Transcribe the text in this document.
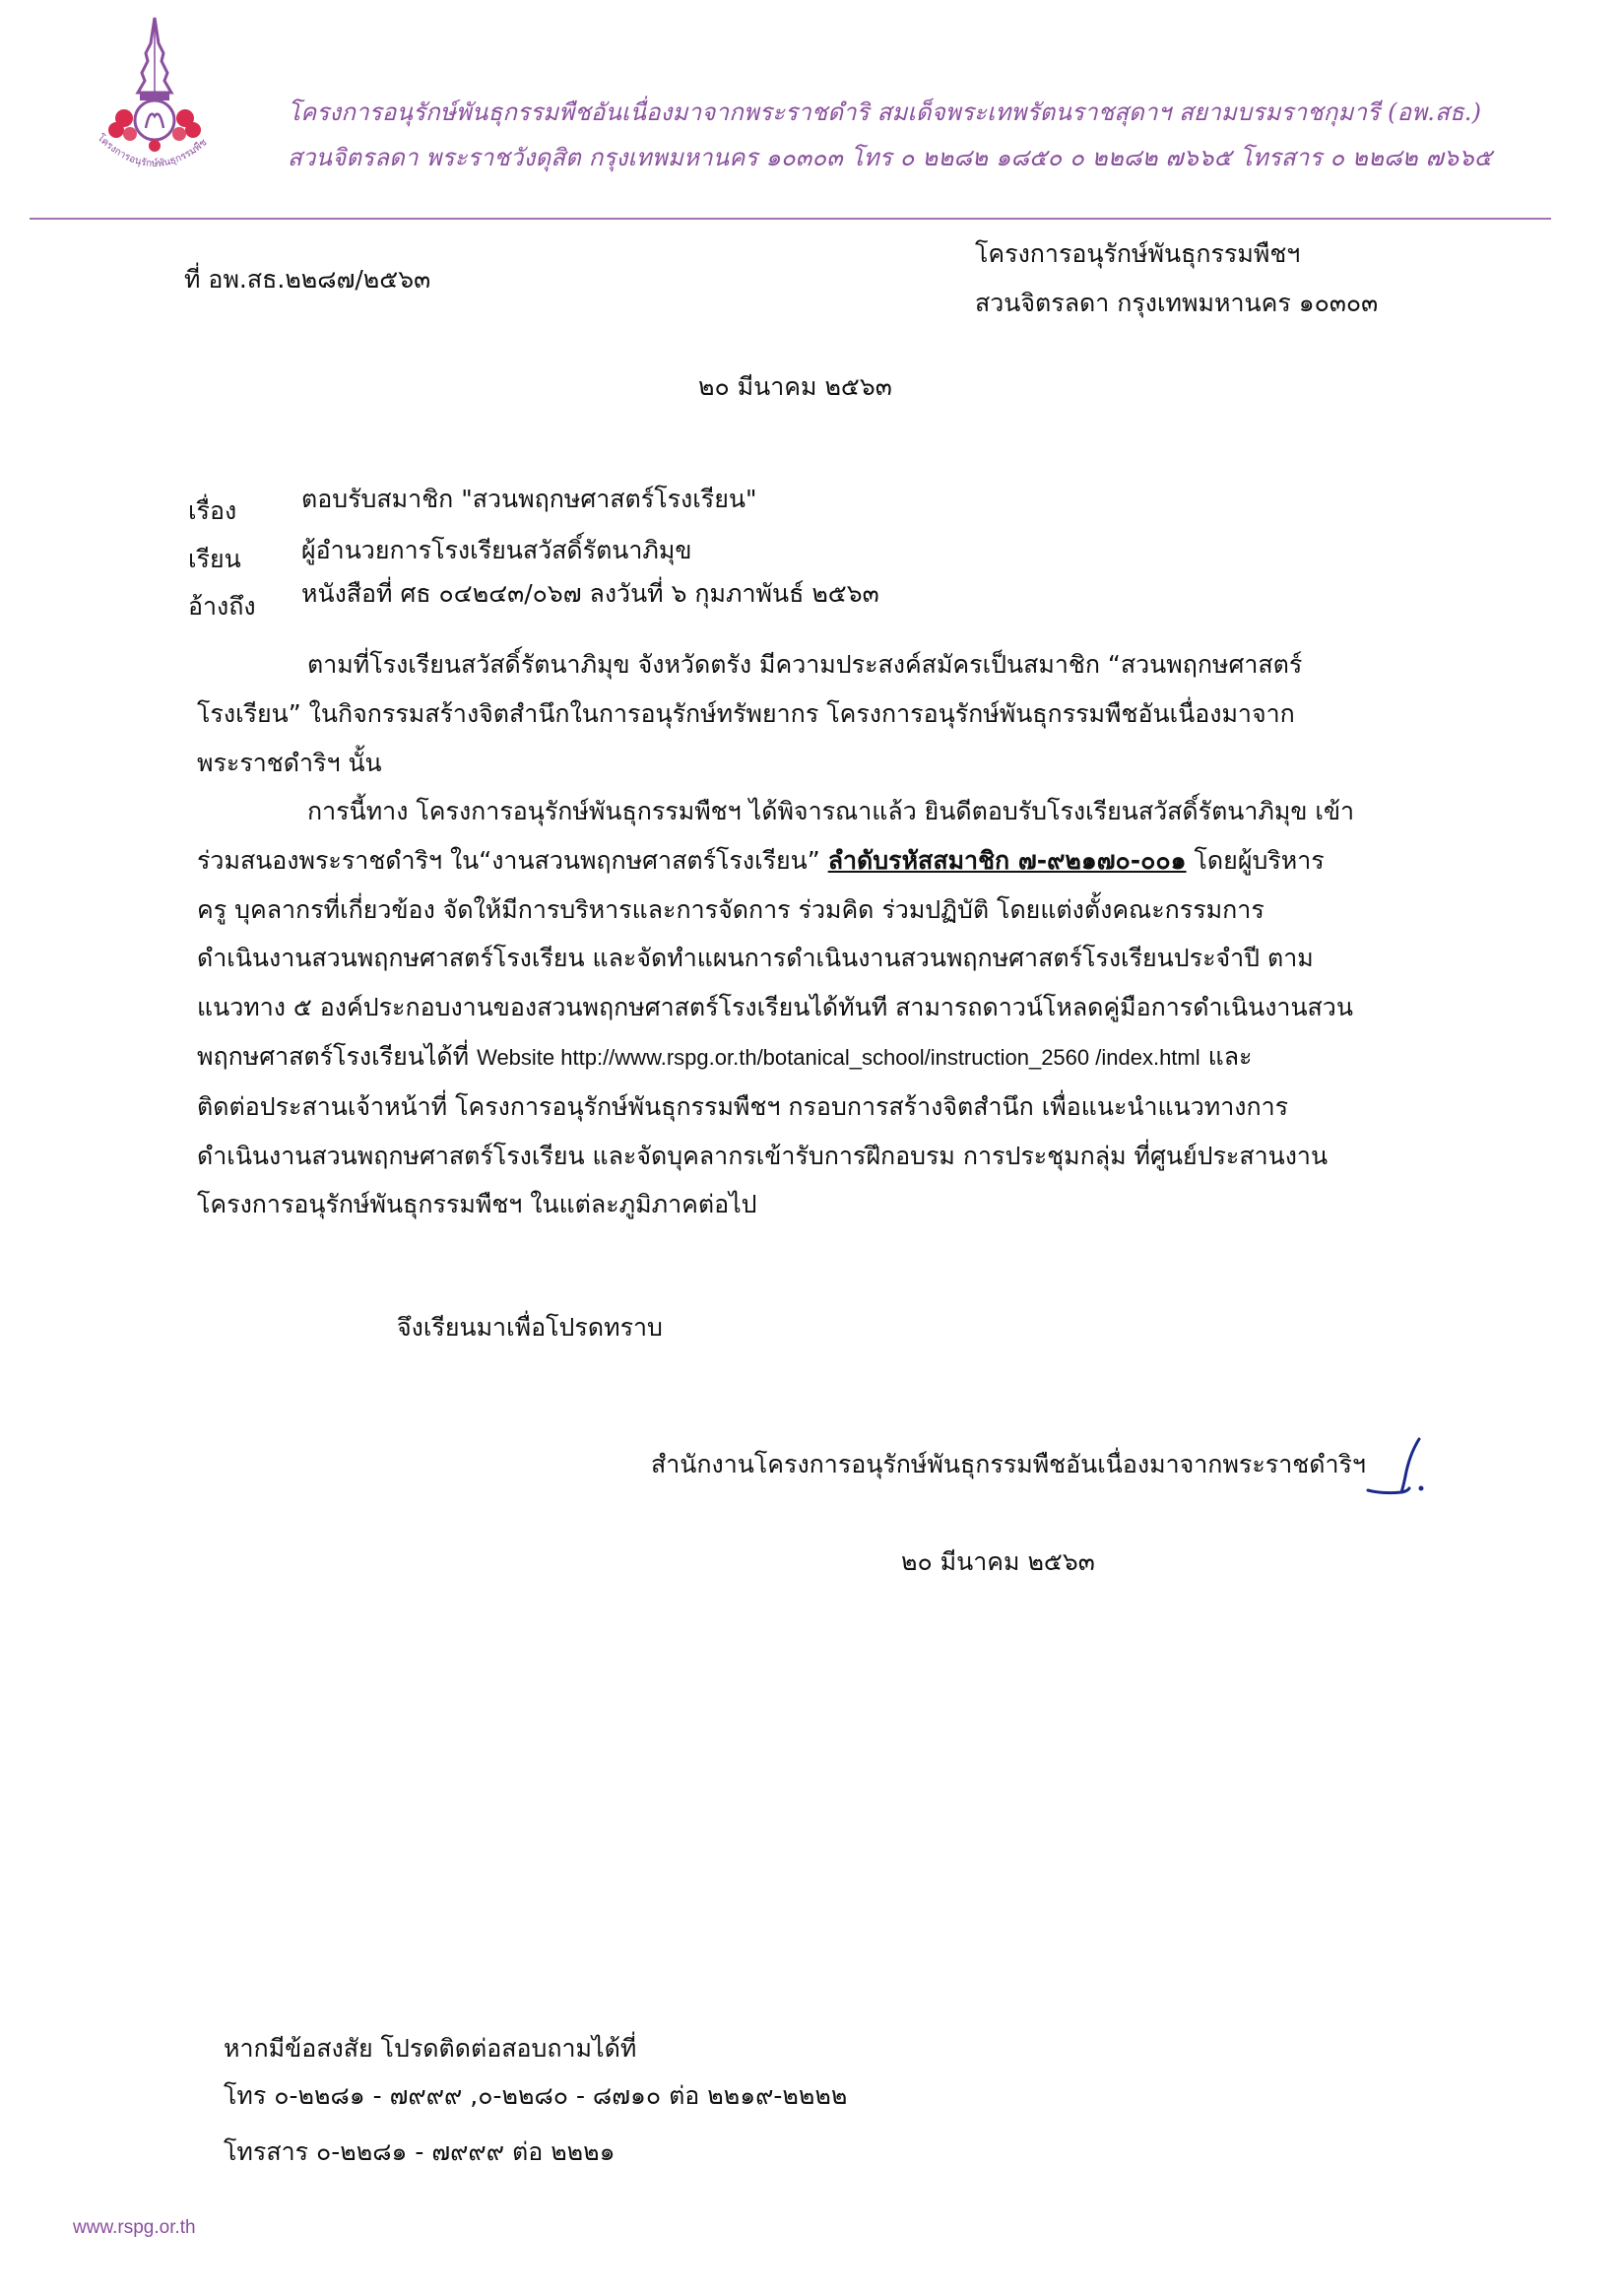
โครงการอนุรักษ์พันธุกรรมพืช
โครงการอนุรักษ์พันธุกรรมพืชอันเนื่องมาจากพระราชดำริ สมเด็จพระเทพรัตนราชสุดาฯ สยามบรมราชกุมารี (อพ.สธ.)
สวนจิตรลดา พระราชวังดุสิต กรุงเทพมหานคร ๑๐๓๐๓ โทร ๐ ๒๒๘๒ ๑๘๕๐ ๐ ๒๒๘๒ ๗๖๖๕ โทรสาร ๐ ๒๒๘๒ ๗๖๖๕
ที่ อพ.สธ.๒๒๘๗/๒๕๖๓
โครงการอนุรักษ์พันธุกรรมพืชฯ
สวนจิตรลดา กรุงเทพมหานคร ๑๐๓๐๓
๒๐ มีนาคม ๒๕๖๓
เรื่อง	ตอบรับสมาชิก "สวนพฤกษศาสตร์โรงเรียน"
เรียน ผู้อำนวยการโรงเรียนสวัสดิ์รัตนาภิมุข
อ้างถึง หนังสือที่ ศธ ๐๔๒๔๓/๐๖๗ ลงวันที่ ๖ กุมภาพันธ์ ๒๕๖๓
ตามที่โรงเรียนสวัสดิ์รัตนาภิมุข จังหวัดตรัง มีความประสงค์สมัครเป็นสมาชิก “สวนพฤกษศาสตร์
โรงเรียน” ในกิจกรรมสร้างจิตสำนึกในการอนุรักษ์ทรัพยากร โครงการอนุรักษ์พันธุกรรมพืชอันเนื่องมาจาก
พระราชดำริฯ นั้น
การนี้ทาง โครงการอนุรักษ์พันธุกรรมพืชฯ ได้พิจารณาแล้ว ยินดีตอบรับโรงเรียนสวัสดิ์รัตนาภิมุข เข้า
ร่วมสนองพระราชดำริฯ ใน“งานสวนพฤกษศาสตร์โรงเรียน” ลำดับรหัสสมาชิก ๗-๙๒๑๗๐-๐๐๑ โดยผู้บริหาร
ครู บุคลากรที่เกี่ยวข้อง จัดให้มีการบริหารและการจัดการ ร่วมคิด ร่วมปฏิบัติ โดยแต่งตั้งคณะกรรมการ
ดำเนินงานสวนพฤกษศาสตร์โรงเรียน และจัดทำแผนการดำเนินงานสวนพฤกษศาสตร์โรงเรียนประจำปี ตาม
แนวทาง ๕ องค์ประกอบงานของสวนพฤกษศาสตร์โรงเรียนได้ทันที สามารถดาวน์โหลดคู่มือการดำเนินงานสวน
พฤกษศาสตร์โรงเรียนได้ที่ Website http://www.rspg.or.th/botanical_school/instruction_2560 /index.html และ
ติดต่อประสานเจ้าหน้าที่ โครงการอนุรักษ์พันธุกรรมพืชฯ กรอบการสร้างจิตสำนึก เพื่อแนะนำแนวทางการ
ดำเนินงานสวนพฤกษศาสตร์โรงเรียน และจัดบุคลากรเข้ารับการฝึกอบรม การประชุมกลุ่ม ที่ศูนย์ประสานงาน
โครงการอนุรักษ์พันธุกรรมพืชฯ ในแต่ละภูมิภาคต่อไป
จึงเรียนมาเพื่อโปรดทราบ
สำนักงานโครงการอนุรักษ์พันธุกรรมพืชอันเนื่องมาจากพระราชดำริฯ
๒๐ มีนาคม ๒๕๖๓
หากมีข้อสงสัย โปรดติดต่อสอบถามได้ที่
โทร ๐-๒๒๘๑ - ๗๙๙๙ ,๐-๒๒๘๐ - ๘๗๑๐ ต่อ ๒๒๑๙-๒๒๒๒
โทรสาร ๐-๒๒๘๑ - ๗๙๙๙ ต่อ ๒๒๒๑
www.rspg.or.th
